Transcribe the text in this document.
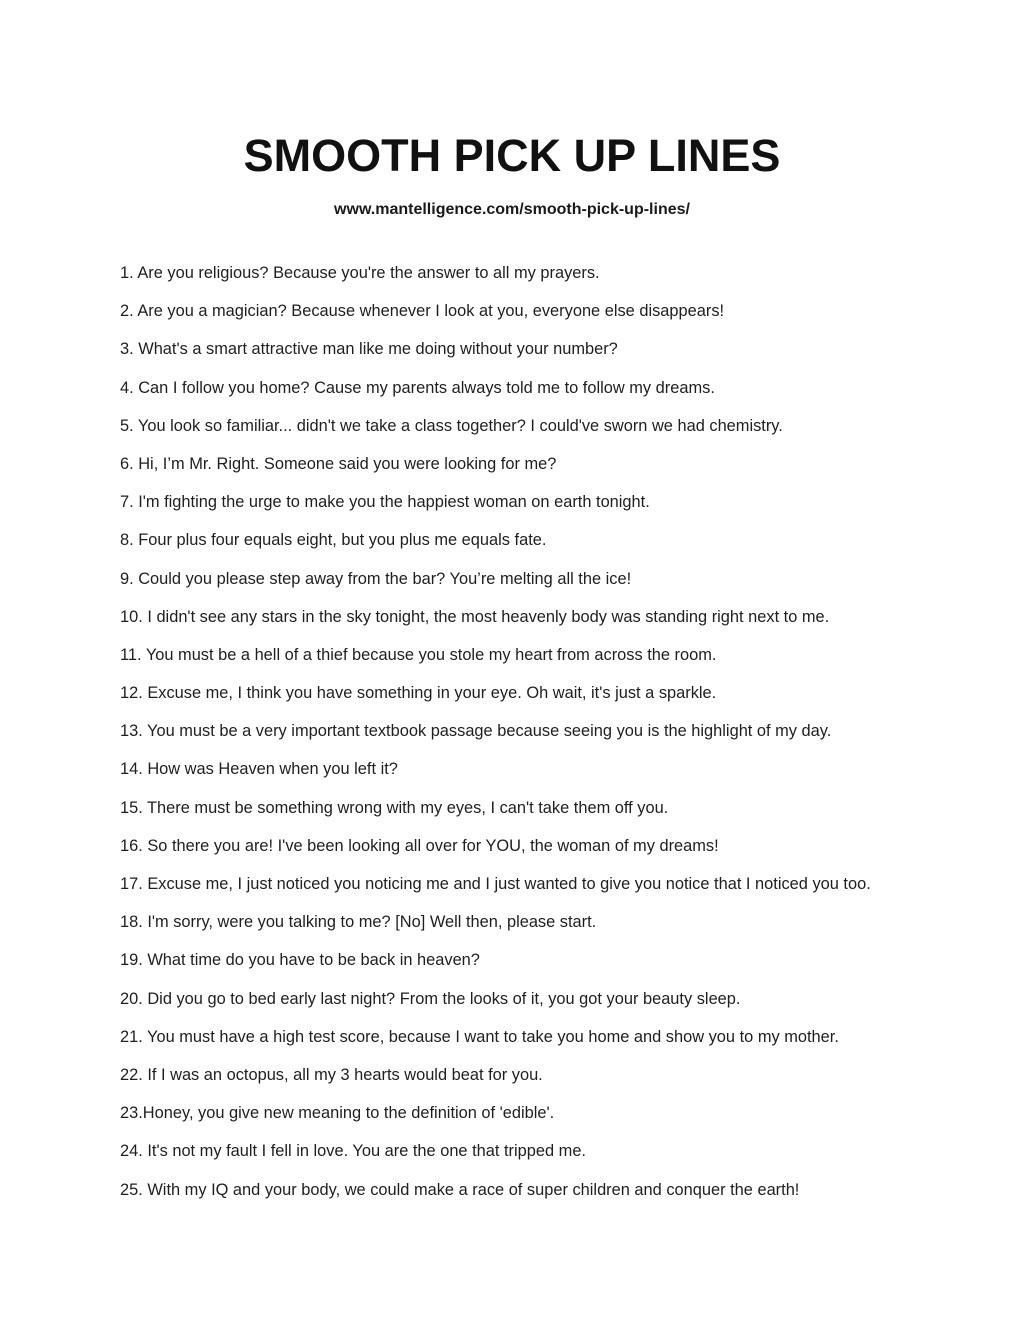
SMOOTH PICK UP LINES
www.mantelligence.com/smooth-pick-up-lines/
1. Are you religious? Because you're the answer to all my prayers.
2. Are you a magician? Because whenever I look at you, everyone else disappears!
3. What's a smart attractive man like me doing without your number?
4. Can I follow you home? Cause my parents always told me to follow my dreams.
5. You look so familiar... didn't we take a class together? I could've sworn we had chemistry.
6. Hi, I’m Mr. Right. Someone said you were looking for me?
7. I'm fighting the urge to make you the happiest woman on earth tonight.
8. Four plus four equals eight, but you plus me equals fate.
9. Could you please step away from the bar? You’re melting all the ice!
10. I didn't see any stars in the sky tonight, the most heavenly body was standing right next to me.
11. You must be a hell of a thief because you stole my heart from across the room.
12. Excuse me, I think you have something in your eye. Oh wait, it's just a sparkle.
13. You must be a very important textbook passage because seeing you is the highlight of my day.
14. How was Heaven when you left it?
15. There must be something wrong with my eyes, I can't take them off you.
16. So there you are! I've been looking all over for YOU, the woman of my dreams!
17. Excuse me, I just noticed you noticing me and I just wanted to give you notice that I noticed you too.
18. I'm sorry, were you talking to me? [No] Well then, please start.
19. What time do you have to be back in heaven?
20. Did you go to bed early last night? From the looks of it, you got your beauty sleep.
21. You must have a high test score, because I want to take you home and show you to my mother.
22. If I was an octopus, all my 3 hearts would beat for you.
23.Honey, you give new meaning to the definition of 'edible'.
24. It's not my fault I fell in love. You are the one that tripped me.
25. With my IQ and your body, we could make a race of super children and conquer the earth!
